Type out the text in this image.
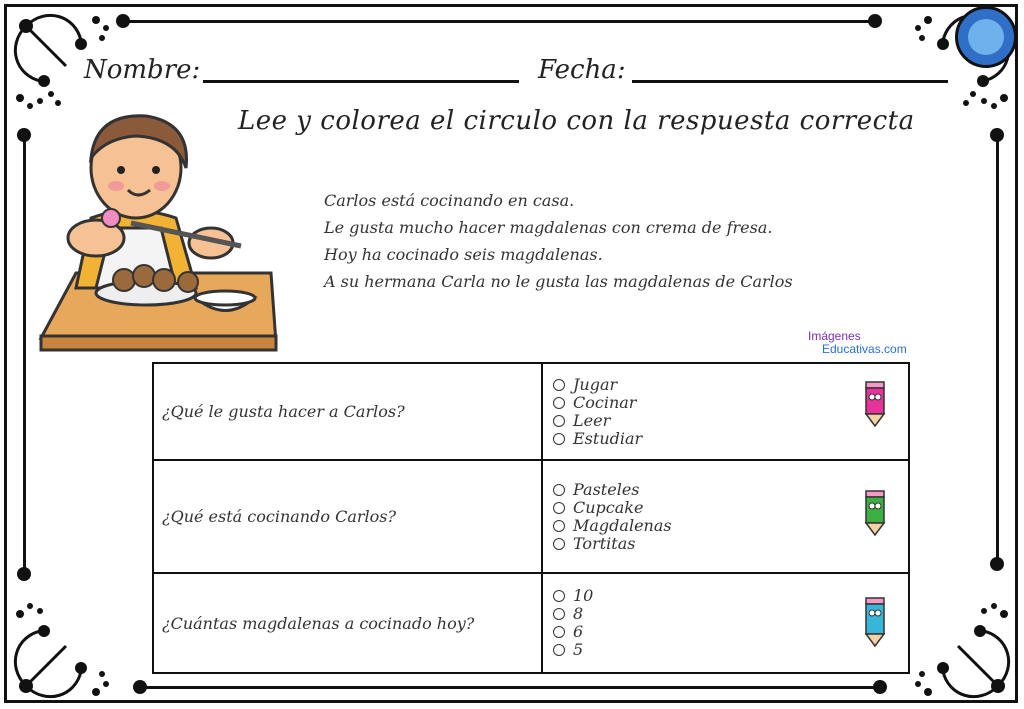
Nombre:	Fecha:
Lee y colorea el circulo con la respuesta correcta
Carlos está cocinando en casa.
Le gusta mucho hacer magdalenas con crema de fresa.
Hoy ha cocinado seis magdalenas.
A su hermana Carla no le gusta las magdalenas de Carlos
Imágenes
Educativas.com
¿Qué le gusta hacer a Carlos?	Jugar
Cocinar
Leer
Estudiar

¿Qué está cocinando Carlos?	Pasteles
Cupcake
Magdalenas
Tortitas

¿Cuántas magdalenas a cocinado hoy?	10
8
6
5
